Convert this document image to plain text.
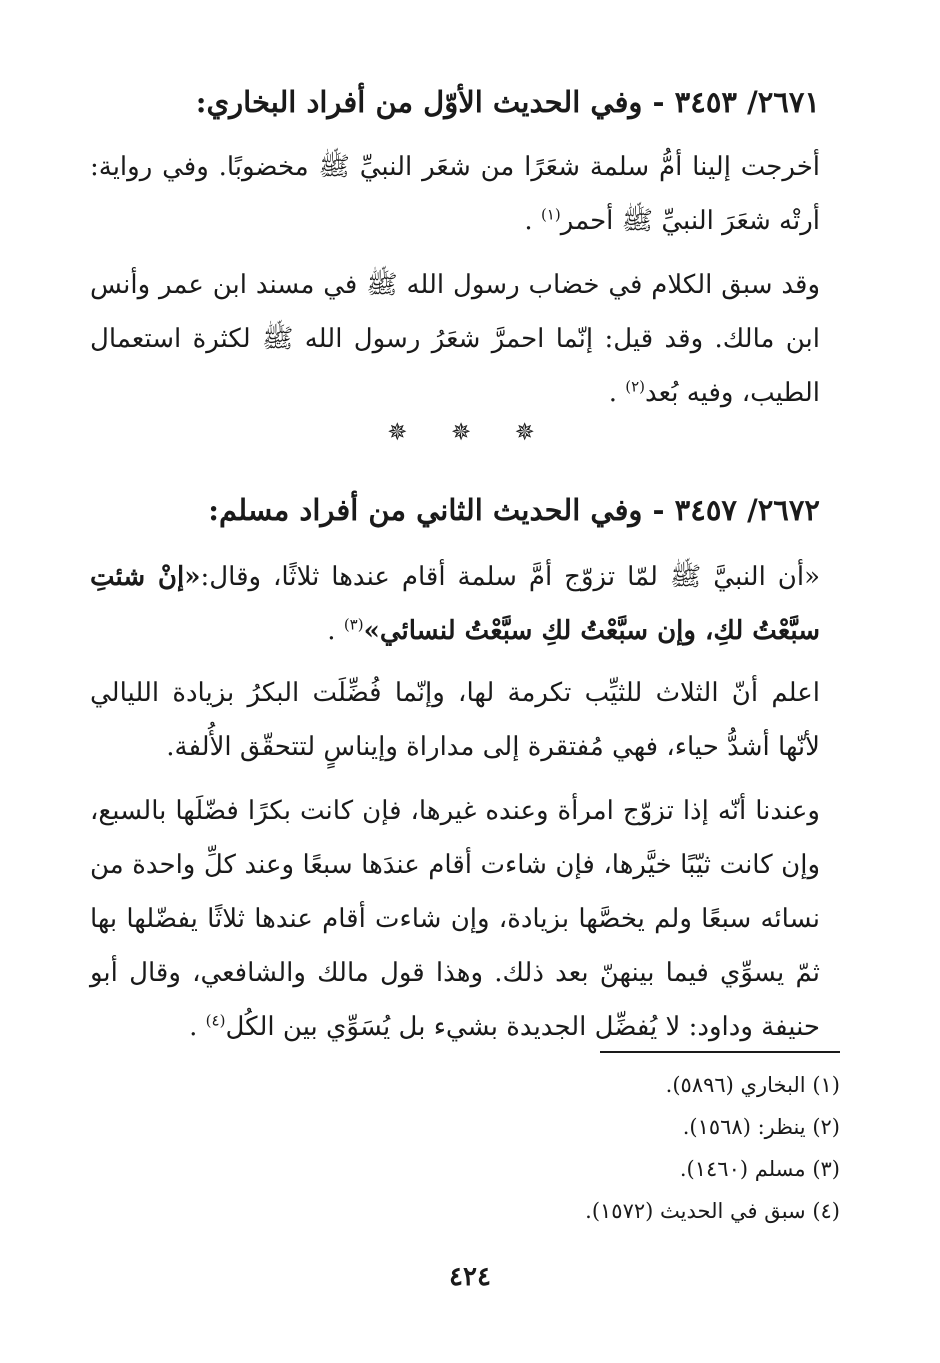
٢٦٧١/ ٣٤٥٣ - وفي الحديث الأوّل من أفراد البخاري:
أخرجت إلينا أمُّ سلمة شعَرًا من شعَر النبيِّ ﷺ مخضوبًا. وفي رواية: أرتْه شعَرَ النبيِّ ﷺ أحمر$^{(١)}$ .
وقد سبق الكلام في خضاب رسول الله ﷺ في مسند ابن عمر وأنس ابن مالك. وقد قيل: إنّما احمرَّ شعَرُ رسول الله ﷺ لكثرة استعمال الطيب، وفيه بُعد$^{(٢)}$ .
✵ ✵ ✵
٢٦٧٢/ ٣٤٥٧ - وفي الحديث الثاني من أفراد مسلم:
«أن النبيَّ ﷺ لمّا تزوّج أمَّ سلمة أقام عندها ثلاثًا، وقال:«إنْ شئتِ سبَّعْتُ لكِ، وإن سبَّعْتُ لكِ سبَّعْتُ لنسائي»$^{(٣)}$ .
اعلم أنّ الثلاث للثيِّب تكرمة لها، وإنّما فُضِّلَت البكرُ بزيادة الليالي لأنّها أشدُّ حياء، فهي مُفتقرة إلى مداراة وإيناسٍ لتتحقّق الأُلفة.
وعندنا أنّه إذا تزوّج امرأة وعنده غيرها، فإن كانت بكرًا فضّلَها بالسبع، وإن كانت ثيّبًا خيَّرها، فإن شاءت أقام عندَها سبعًا وعند كلِّ واحدة من نسائه سبعًا ولم يخصَّها بزيادة، وإن شاءت أقام عندها ثلاثًا يفضّلها بها ثمّ يسوِّي فيما بينهنّ بعد ذلك. وهذا قول مالك والشافعي، وقال أبو حنيفة وداود: لا يُفضِّل الجديدة بشيء بل يُسَوِّي بين الكُل$^{(٤)}$ .
(١) البخاري (٥٨٩٦).
(٢) ينظر: (١٥٦٨).
(٣) مسلم (١٤٦٠).
(٤) سبق في الحديث (١٥٧٢).
٤٢٤
